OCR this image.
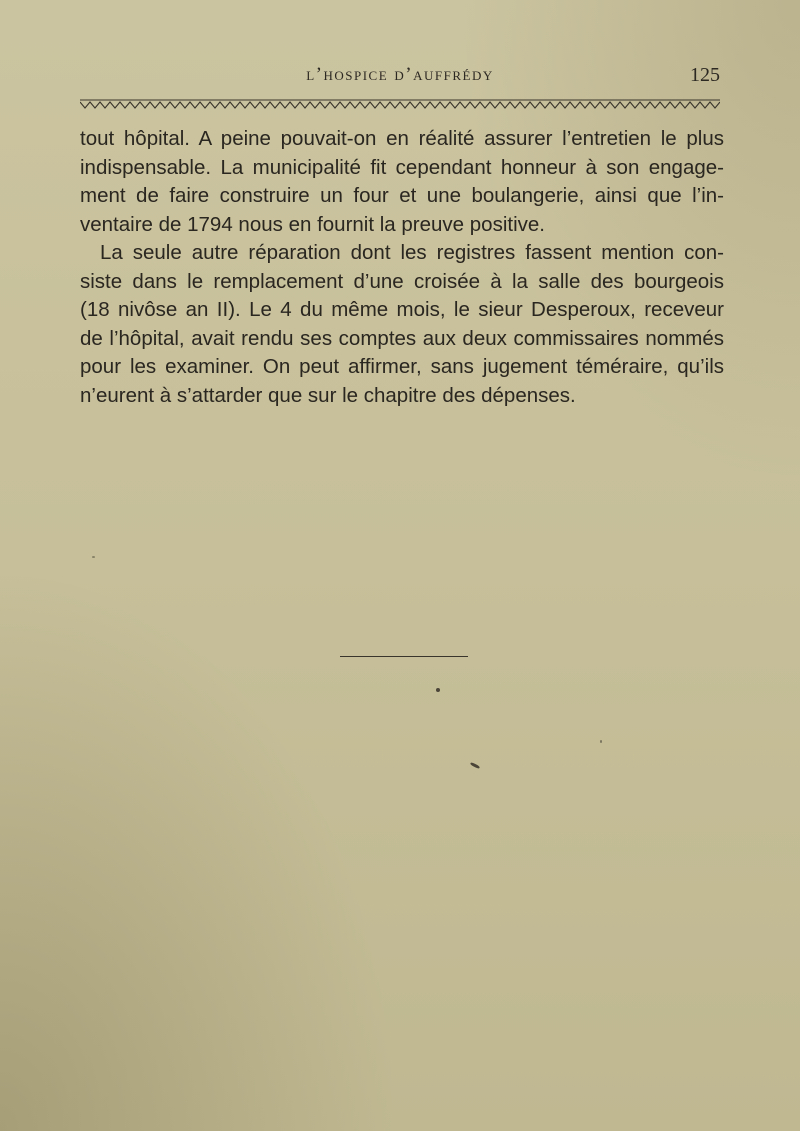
l’hospice d’auffrédy	125
tout hôpital. A peine pouvait-on en réalité assurer l’entretien le plus
indispensable. La municipalité fit cependant honneur à son engage-
ment de faire construire un four et une boulangerie, ainsi que l’in-
ventaire de 1794 nous en fournit la preuve positive.
La seule autre réparation dont les registres fassent mention con-
siste dans le remplacement d’une croisée à la salle des bourgeois
(18 nivôse an II). Le 4 du même mois, le sieur Desperoux, receveur
de l’hôpital, avait rendu ses comptes aux deux commissaires nommés
pour les examiner. On peut affirmer, sans jugement téméraire, qu’ils
n’eurent à s’attarder que sur le chapitre des dépenses.
